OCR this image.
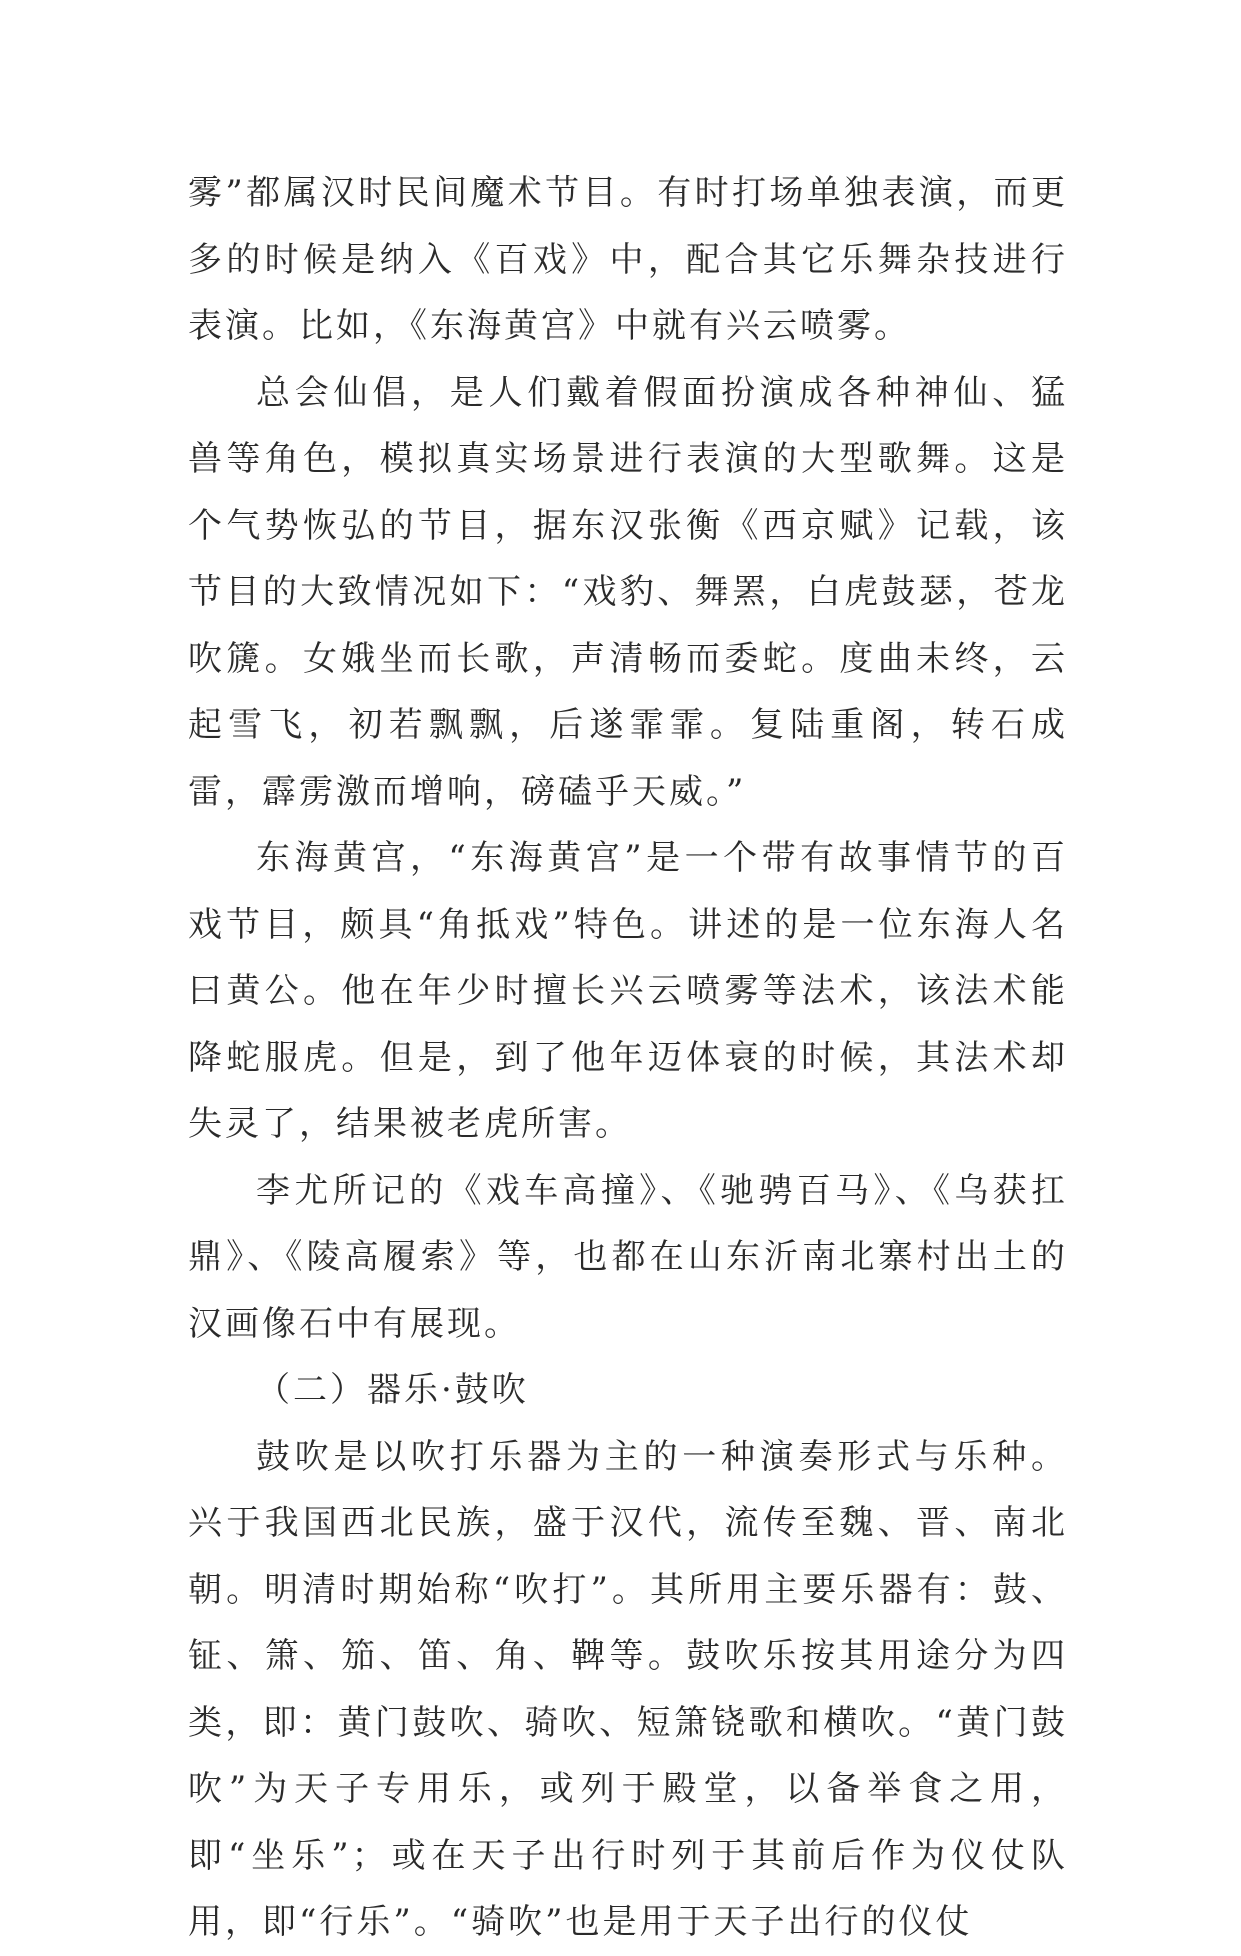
雾”都属汉时民间魔术节目。有时打场单独表演，而更多的时候是纳入《百戏》中，配合其它乐舞杂技进行表演。比如，《东海黄宫》中就有兴云喷雾。

总会仙倡，是人们戴着假面扮演成各种神仙、猛兽等角色，模拟真实场景进行表演的大型歌舞。这是个气势恢弘的节目，据东汉张衡《西京赋》记载，该节目的大致情况如下：“戏豹、舞罴，白虎鼓瑟，苍龙吹篪。女娥坐而长歌，声清畅而委蛇。度曲未终，云起雪飞，初若飘飘，后遂霏霏。复陆重阁，转石成雷，霹雳激而增响，磅磕乎天威。”

东海黄宫，“东海黄宫”是一个带有故事情节的百戏节目，颇具“角抵戏”特色。讲述的是一位东海人名曰黄公。他在年少时擅长兴云喷雾等法术，该法术能降蛇服虎。但是，到了他年迈体衰的时候，其法术却失灵了，结果被老虎所害。

李尤所记的《戏车高撞》、《驰骋百马》、《乌获扛鼎》、《陵高履索》等，也都在山东沂南北寨村出土的汉画像石中有展现。

（二）器乐·鼓吹

鼓吹是以吹打乐器为主的一种演奏形式与乐种。兴于我国西北民族，盛于汉代，流传至魏、晋、南北朝。明清时期始称“吹打”。其所用主要乐器有：鼓、钲、箫、笳、笛、角、鞞等。鼓吹乐按其用途分为四类，即：黄门鼓吹、骑吹、短箫铙歌和横吹。“黄门鼓吹”为天子专用乐，或列于殿堂，以备举食之用，即“坐乐”；或在天子出行时列于其前后作为仪仗队用，即“行乐”。“骑吹”也是用于天子出行的仪仗
